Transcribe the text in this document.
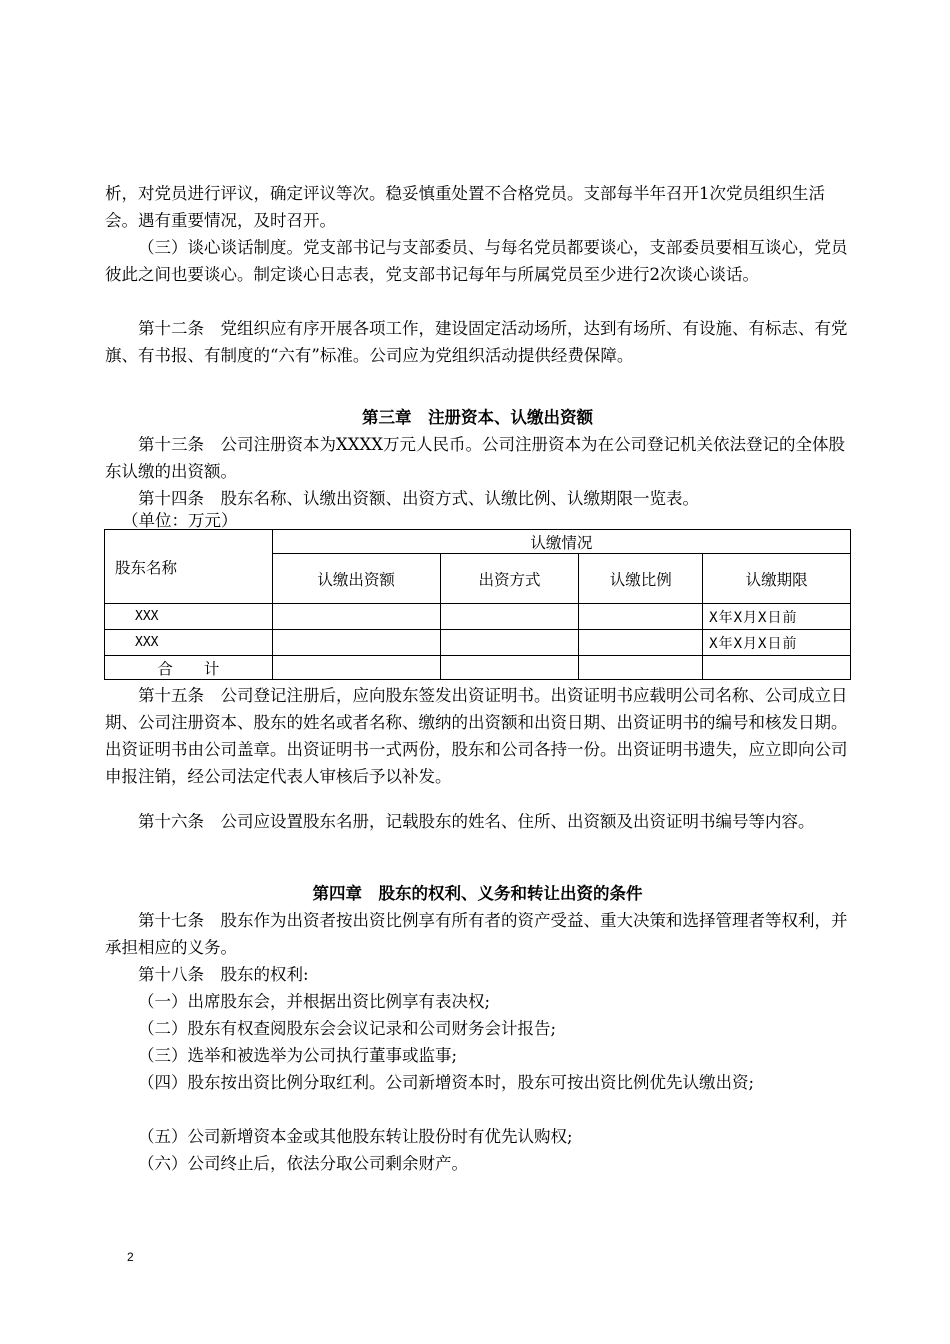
析，对党员进行评议，确定评议等次。稳妥慎重处置不合格党员。支部每半年召开1次党员组织生活会。遇有重要情况，及时召开。
（三）谈心谈话制度。党支部书记与支部委员、与每名党员都要谈心，支部委员要相互谈心，党员彼此之间也要谈心。制定谈心日志表，党支部书记每年与所属党员至少进行2次谈心谈话。
第十二条　党组织应有序开展各项工作，建设固定活动场所，达到有场所、有设施、有标志、有党旗、有书报、有制度的“六有”标准。公司应为党组织活动提供经费保障。
第三章　注册资本、认缴出资额
第十三条　公司注册资本为XXXX万元人民币。公司注册资本为在公司登记机关依法登记的全体股东认缴的出资额。
第十四条　股东名称、认缴出资额、出资方式、认缴比例、认缴期限一览表。
（单位：万元）
股东名称	认缴情况			
	认缴出资额	出资方式	认缴比例	认缴期限
XXX				X年X月X日前
XXX				X年X月X日前
合　　计				
第十五条　公司登记注册后，应向股东签发出资证明书。出资证明书应载明公司名称、公司成立日期、公司注册资本、股东的姓名或者名称、缴纳的出资额和出资日期、出资证明书的编号和核发日期。出资证明书由公司盖章。出资证明书一式两份，股东和公司各持一份。出资证明书遗失，应立即向公司申报注销，经公司法定代表人审核后予以补发。
第十六条　公司应设置股东名册，记载股东的姓名、住所、出资额及出资证明书编号等内容。
第四章　股东的权利、义务和转让出资的条件
第十七条　股东作为出资者按出资比例享有所有者的资产受益、重大决策和选择管理者等权利，并承担相应的义务。
第十八条　股东的权利:
（一）出席股东会，并根据出资比例享有表决权;
（二）股东有权查阅股东会会议记录和公司财务会计报告;
（三）选举和被选举为公司执行董事或监事;
（四）股东按出资比例分取红利。公司新增资本时，股东可按出资比例优先认缴出资;
（五）公司新增资本金或其他股东转让股份时有优先认购权;
（六）公司终止后，依法分取公司剩余财产。
2
